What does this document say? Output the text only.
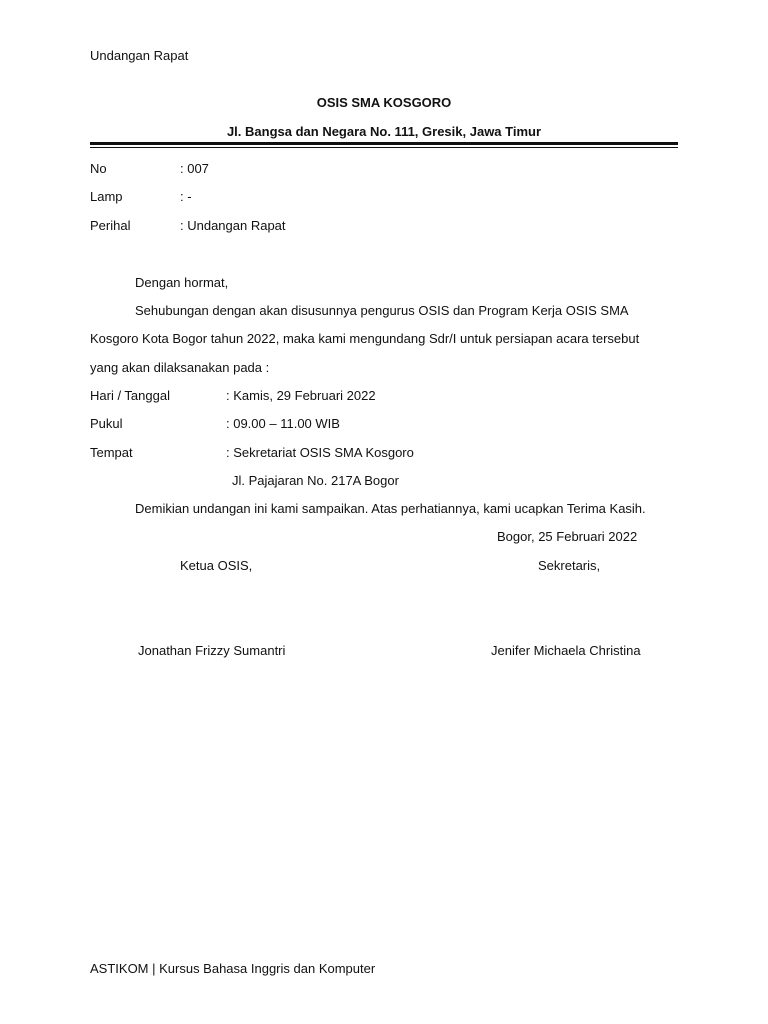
Undangan Rapat
OSIS SMA KOSGORO
Jl. Bangsa dan Negara No. 111, Gresik, Jawa Timur
No	: 007
Lamp	: -
Perihal	: Undangan Rapat
Dengan hormat,
Sehubungan dengan akan disusunnya pengurus OSIS dan Program Kerja OSIS SMA
Kosgoro Kota Bogor tahun 2022, maka kami mengundang Sdr/I untuk persiapan acara tersebut
yang akan dilaksanakan pada :
Hari / Tanggal	: Kamis, 29 Februari 2022
Pukul	: 09.00 – 11.00 WIB
Tempat	: Sekretariat OSIS SMA Kosgoro
Jl. Pajajaran No. 217A Bogor
Demikian undangan ini kami sampaikan. Atas perhatiannya, kami ucapkan Terima Kasih.
Bogor, 25 Februari 2022
Ketua OSIS,	Sekretaris,
Jonathan Frizzy Sumantri	Jenifer Michaela Christina
ASTIKOM | Kursus Bahasa Inggris dan Komputer
